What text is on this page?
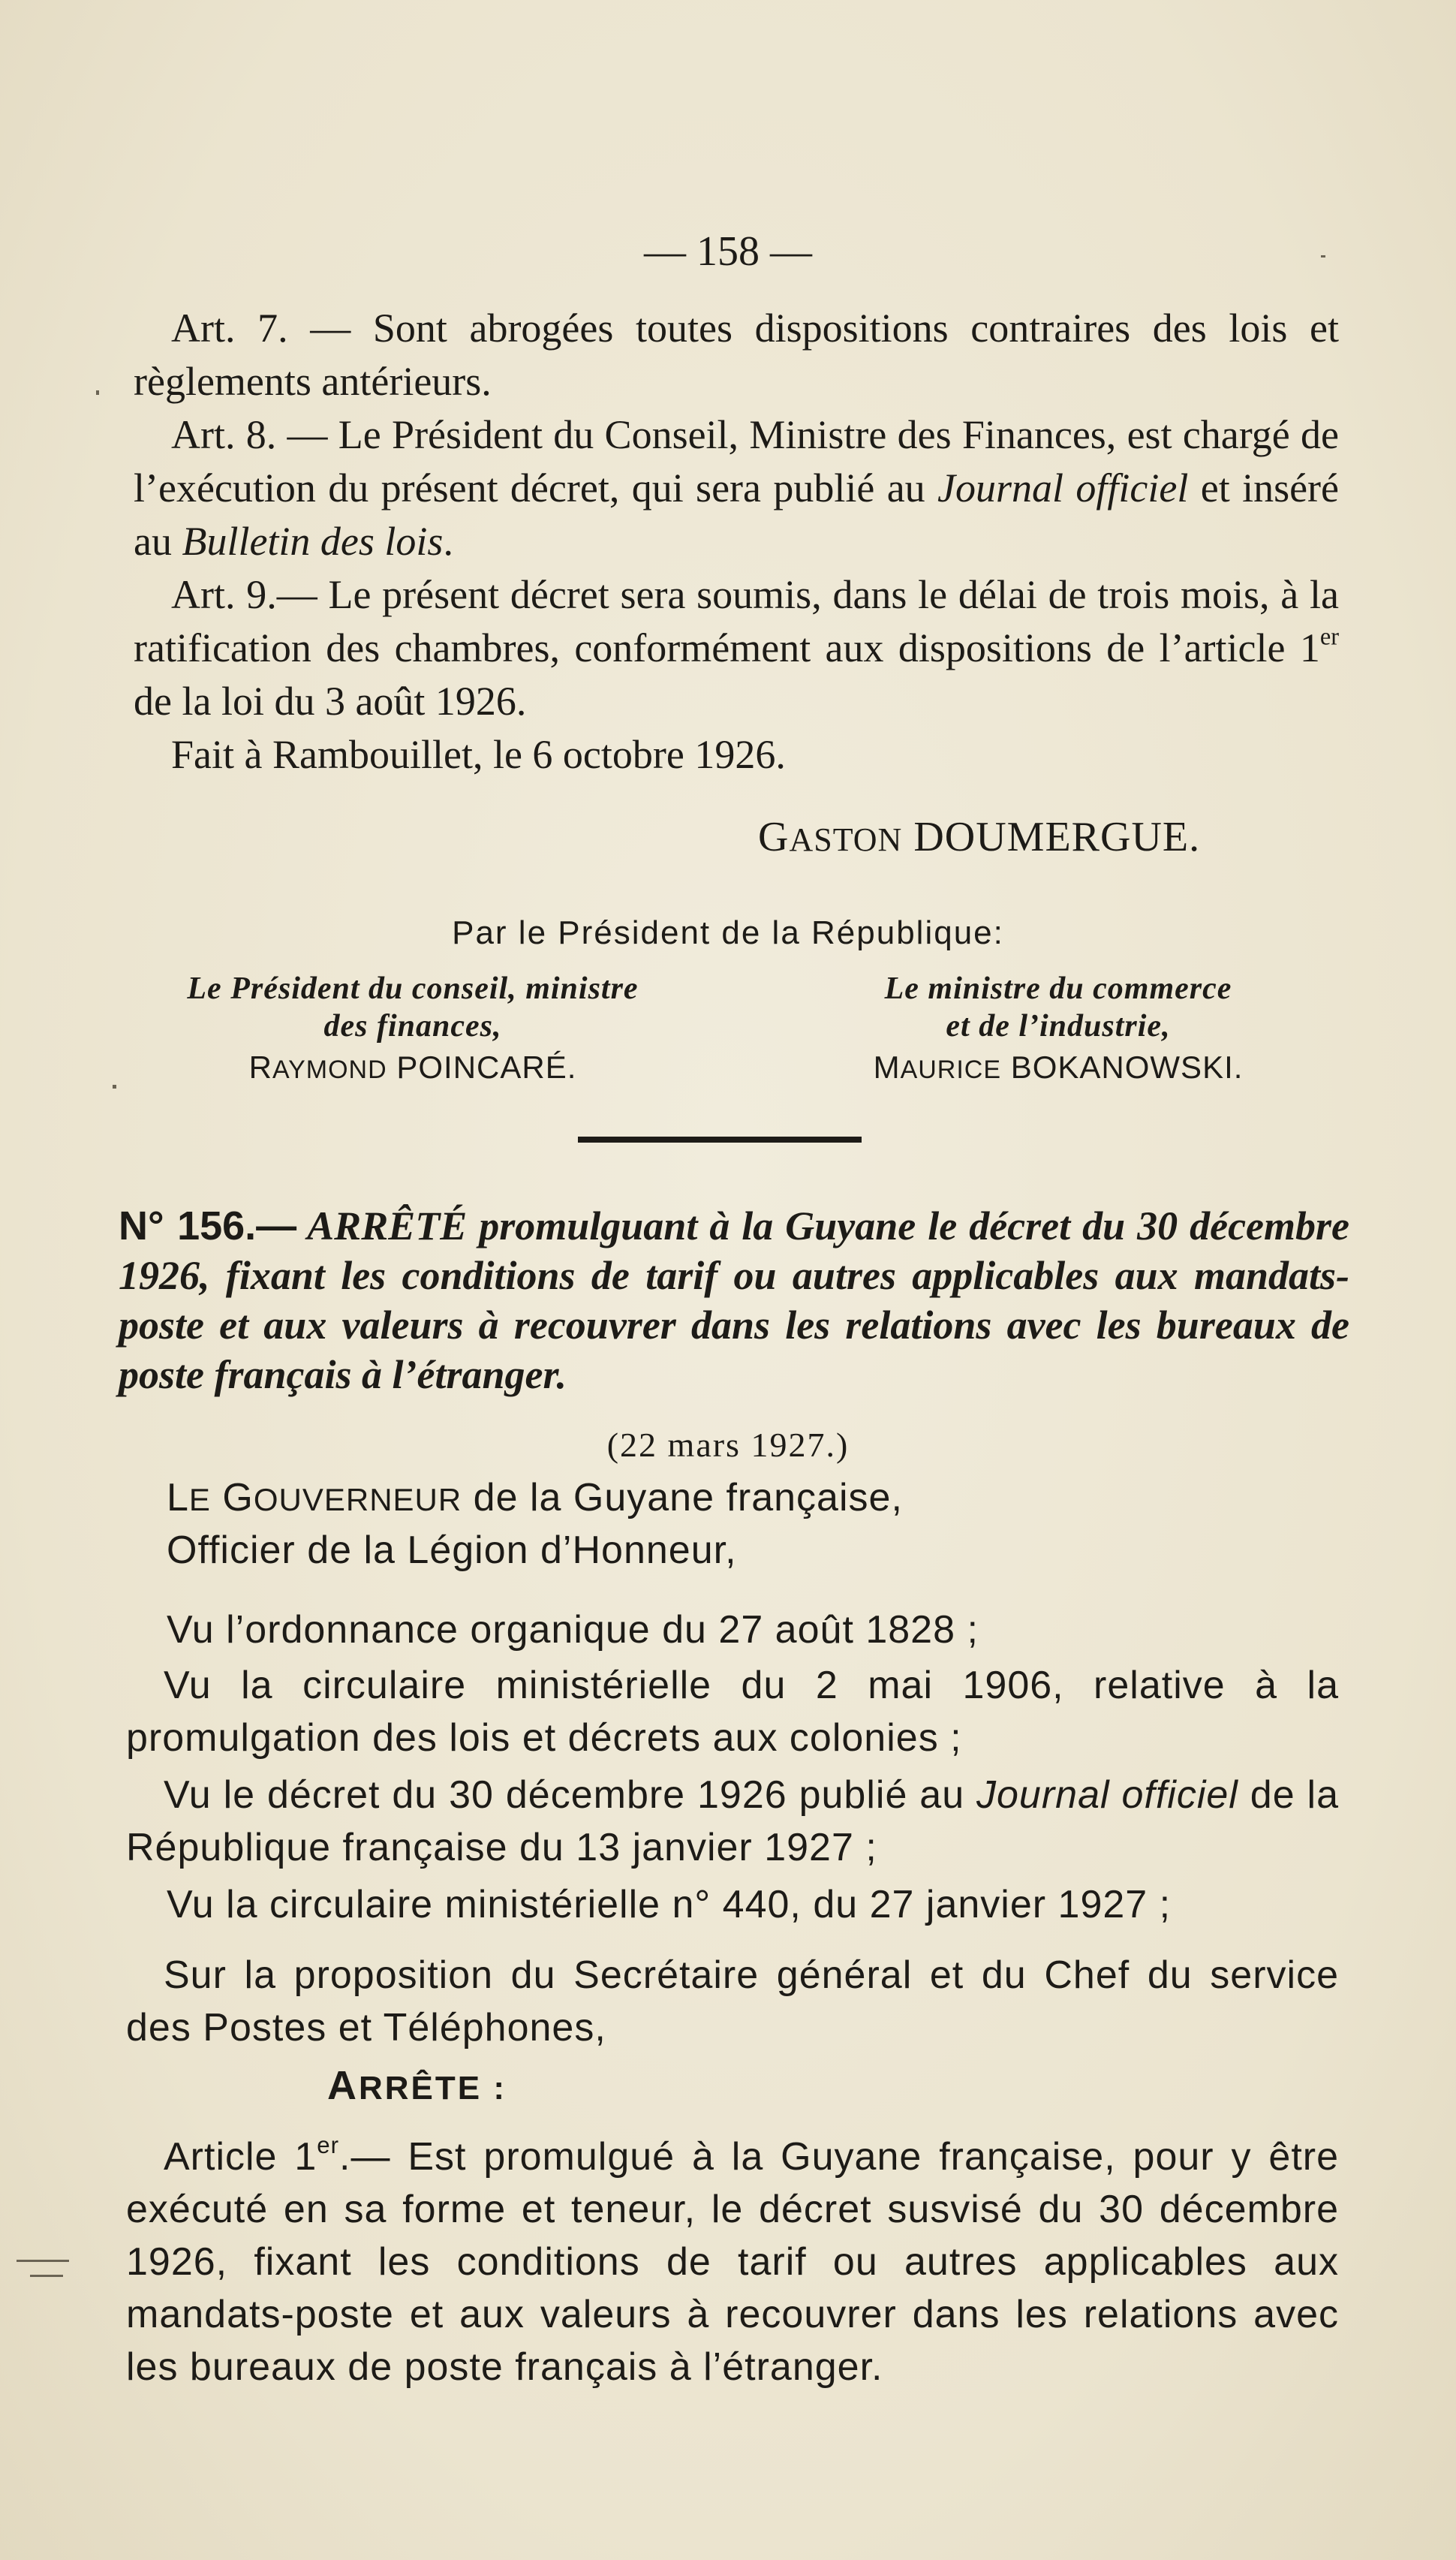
— 158 —

Art. 7. — Sont abrogées toutes dispositions contraires des lois et règlements antérieurs.

Art. 8. — Le Président du Conseil, Ministre des Finances, est chargé de l’exécution du présent décret, qui sera publié au Journal officiel et inséré au Bulletin des lois.

Art. 9.— Le présent décret sera soumis, dans le délai de trois mois, à la ratification des chambres, conformément aux dispositions de l’article 1er de la loi du 3 août 1926.

Fait à Rambouillet, le 6 octobre 1926.

GASTON DOUMERGUE.
Par le Président de la République:
Le Président du conseil, ministre
des finances,
RAYMOND POINCARÉ.
Le ministre du commerce
et de l’industrie,
MAURICE BOKANOWSKI.

N° 156.— ARRÊTÉ promulguant à la Guyane le décret du 30 décembre 1926, fixant les conditions de tarif ou autres applicables aux mandats-poste et aux valeurs à recouvrer dans les relations avec les bureaux de poste français à l’étranger.

(22 mars 1927.)

LE GOUVERNEUR de la Guyane française,

Officier de la Légion d’Honneur,

Vu l’ordonnance organique du 27 août 1828 ;

Vu la circulaire ministérielle du 2 mai 1906, relative à la promulgation des lois et décrets aux colonies ;

Vu le décret du 30 décembre 1926 publié au Journal officiel de la République française du 13 janvier 1927 ;

Vu la circulaire ministérielle n° 440, du 27 janvier 1927 ;

Sur la proposition du Secrétaire général et du Chef du service des Postes et Téléphones,

ARRÊTE :

Article 1er.— Est promulgué à la Guyane française, pour y être exécuté en sa forme et teneur, le décret susvisé du 30 décembre 1926, fixant les conditions de tarif ou autres applicables aux mandats-poste et aux valeurs à recouvrer dans les relations avec les bureaux de poste français à l’étranger.
